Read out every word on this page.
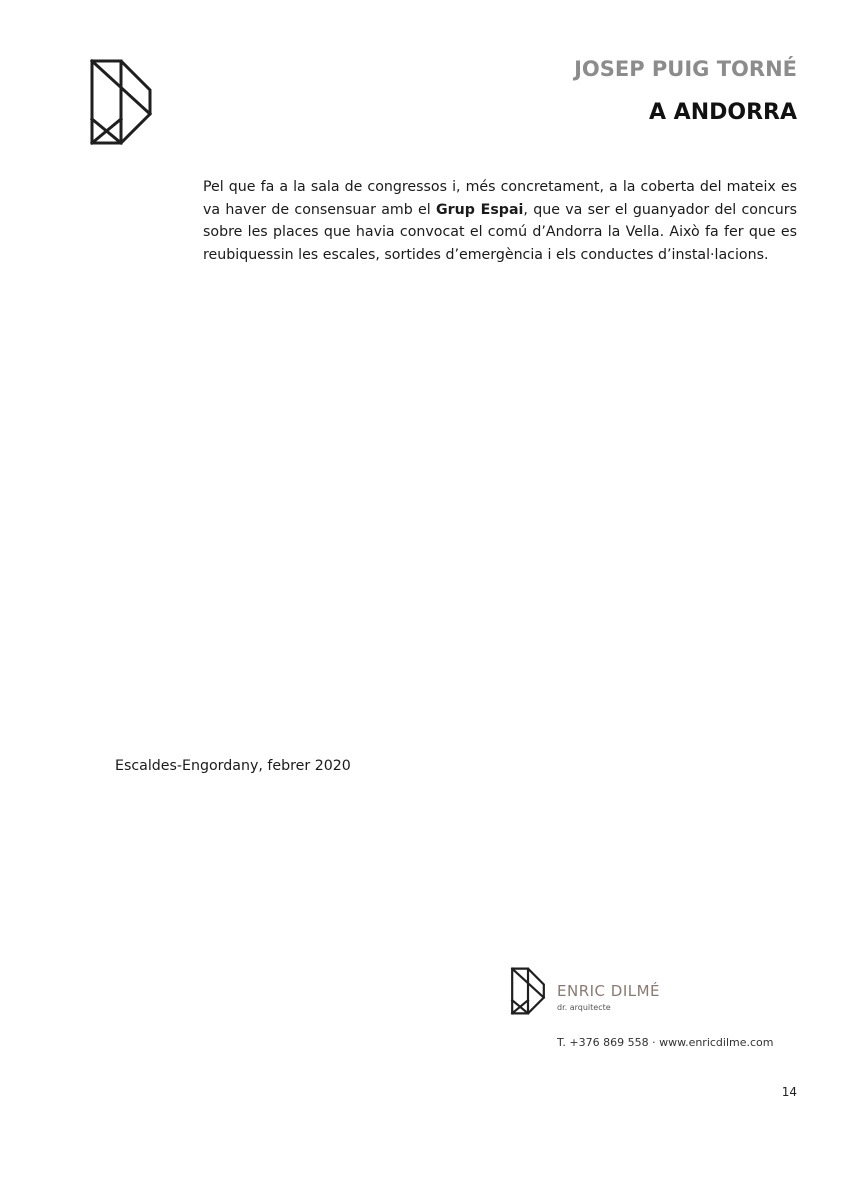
JOSEP PUIG TORNÉ
A ANDORRA

Pel que fa a la sala de congressos i, més concretament, a la coberta del mateix es va haver de consensuar amb el Grup Espai, que va ser el guanyador del concurs sobre les places que havia convocat el comú d’Andorra la Vella. Això fa fer que es reubiquessin les escales, sortides d’emergència i els conductes d’instal·lacions.

Escaldes-Engordany, febrer 2020
ENRIC DILMÉ
dr. arquitecte
T. +376 869 558 · www.enricdilme.com
14
